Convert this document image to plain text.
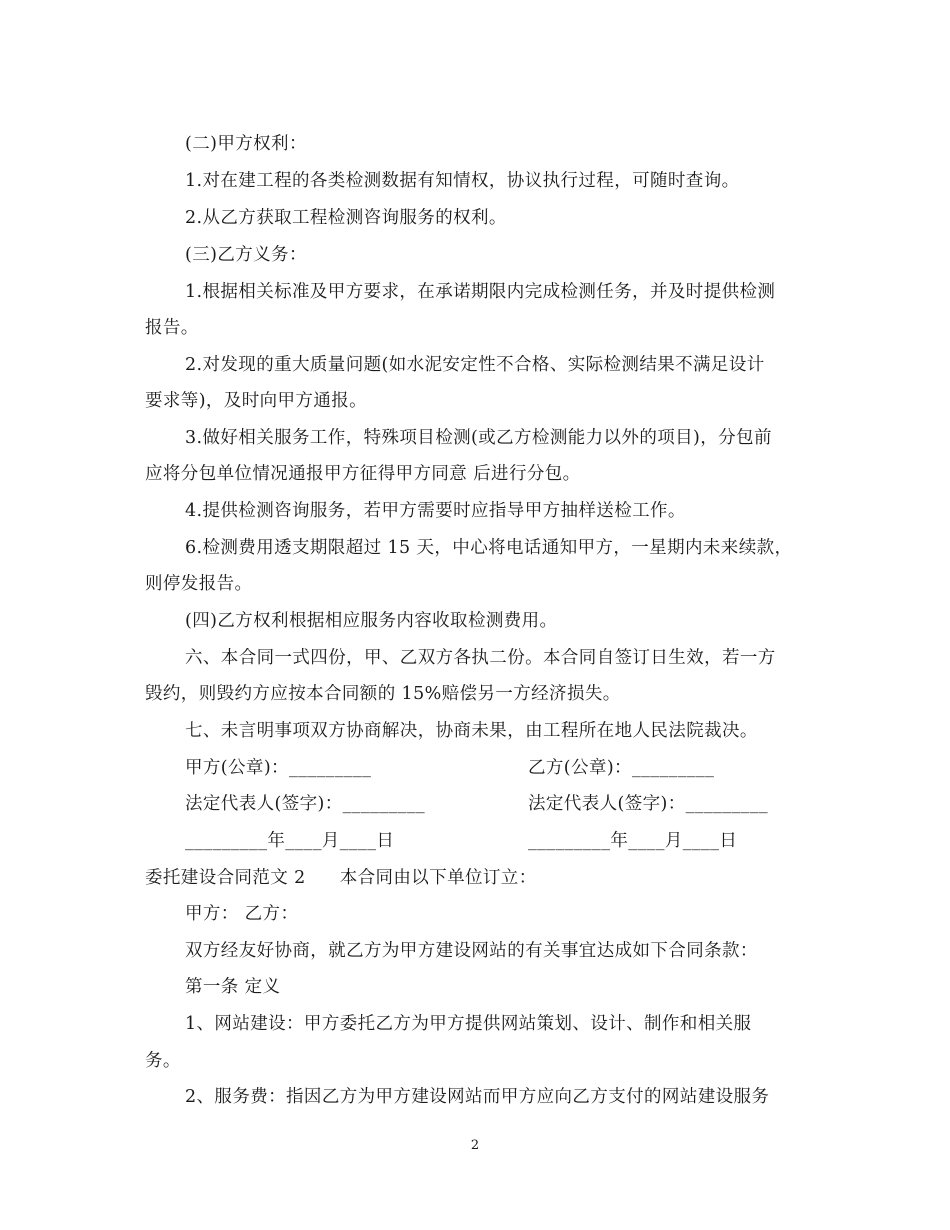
(二)甲方权利：
1.对在建工程的各类检测数据有知情权，协议执行过程，可随时查询。
2.从乙方获取工程检测咨询服务的权利。
(三)乙方义务：
1.根据相关标准及甲方要求，在承诺期限内完成检测任务，并及时提供检测
报告。
2.对发现的重大质量问题(如水泥安定性不合格、实际检测结果不满足设计
要求等)，及时向甲方通报。
3.做好相关服务工作，特殊项目检测(或乙方检测能力以外的项目)，分包前
应将分包单位情况通报甲方征得甲方同意 后进行分包。
4.提供检测咨询服务，若甲方需要时应指导甲方抽样送检工作。
6.检测费用透支期限超过 15 天，中心将电话通知甲方，一星期内未来续款，
则停发报告。
(四)乙方权利根据相应服务内容收取检测费用。
六、本合同一式四份，甲、乙双方各执二份。本合同自签订日生效，若一方
毁约，则毁约方应按本合同额的 15%赔偿另一方经济损失。
七、未言明事项双方协商解决，协商未果，由工程所在地人民法院裁决。
甲方(公章)：_________	乙方(公章)：_________
法定代表人(签字)：_________	法定代表人(签字)：_________
_________年____月____日	_________年____月____日
委托建设合同范文 2 本合同由以下单位订立：
甲方： 乙方：
双方经友好协商，就乙方为甲方建设网站的有关事宜达成如下合同条款：
第一条 定义
1、网站建设：甲方委托乙方为甲方提供网站策划、设计、制作和相关服
务。
2、服务费：指因乙方为甲方建设网站而甲方应向乙方支付的网站建设服务
2
